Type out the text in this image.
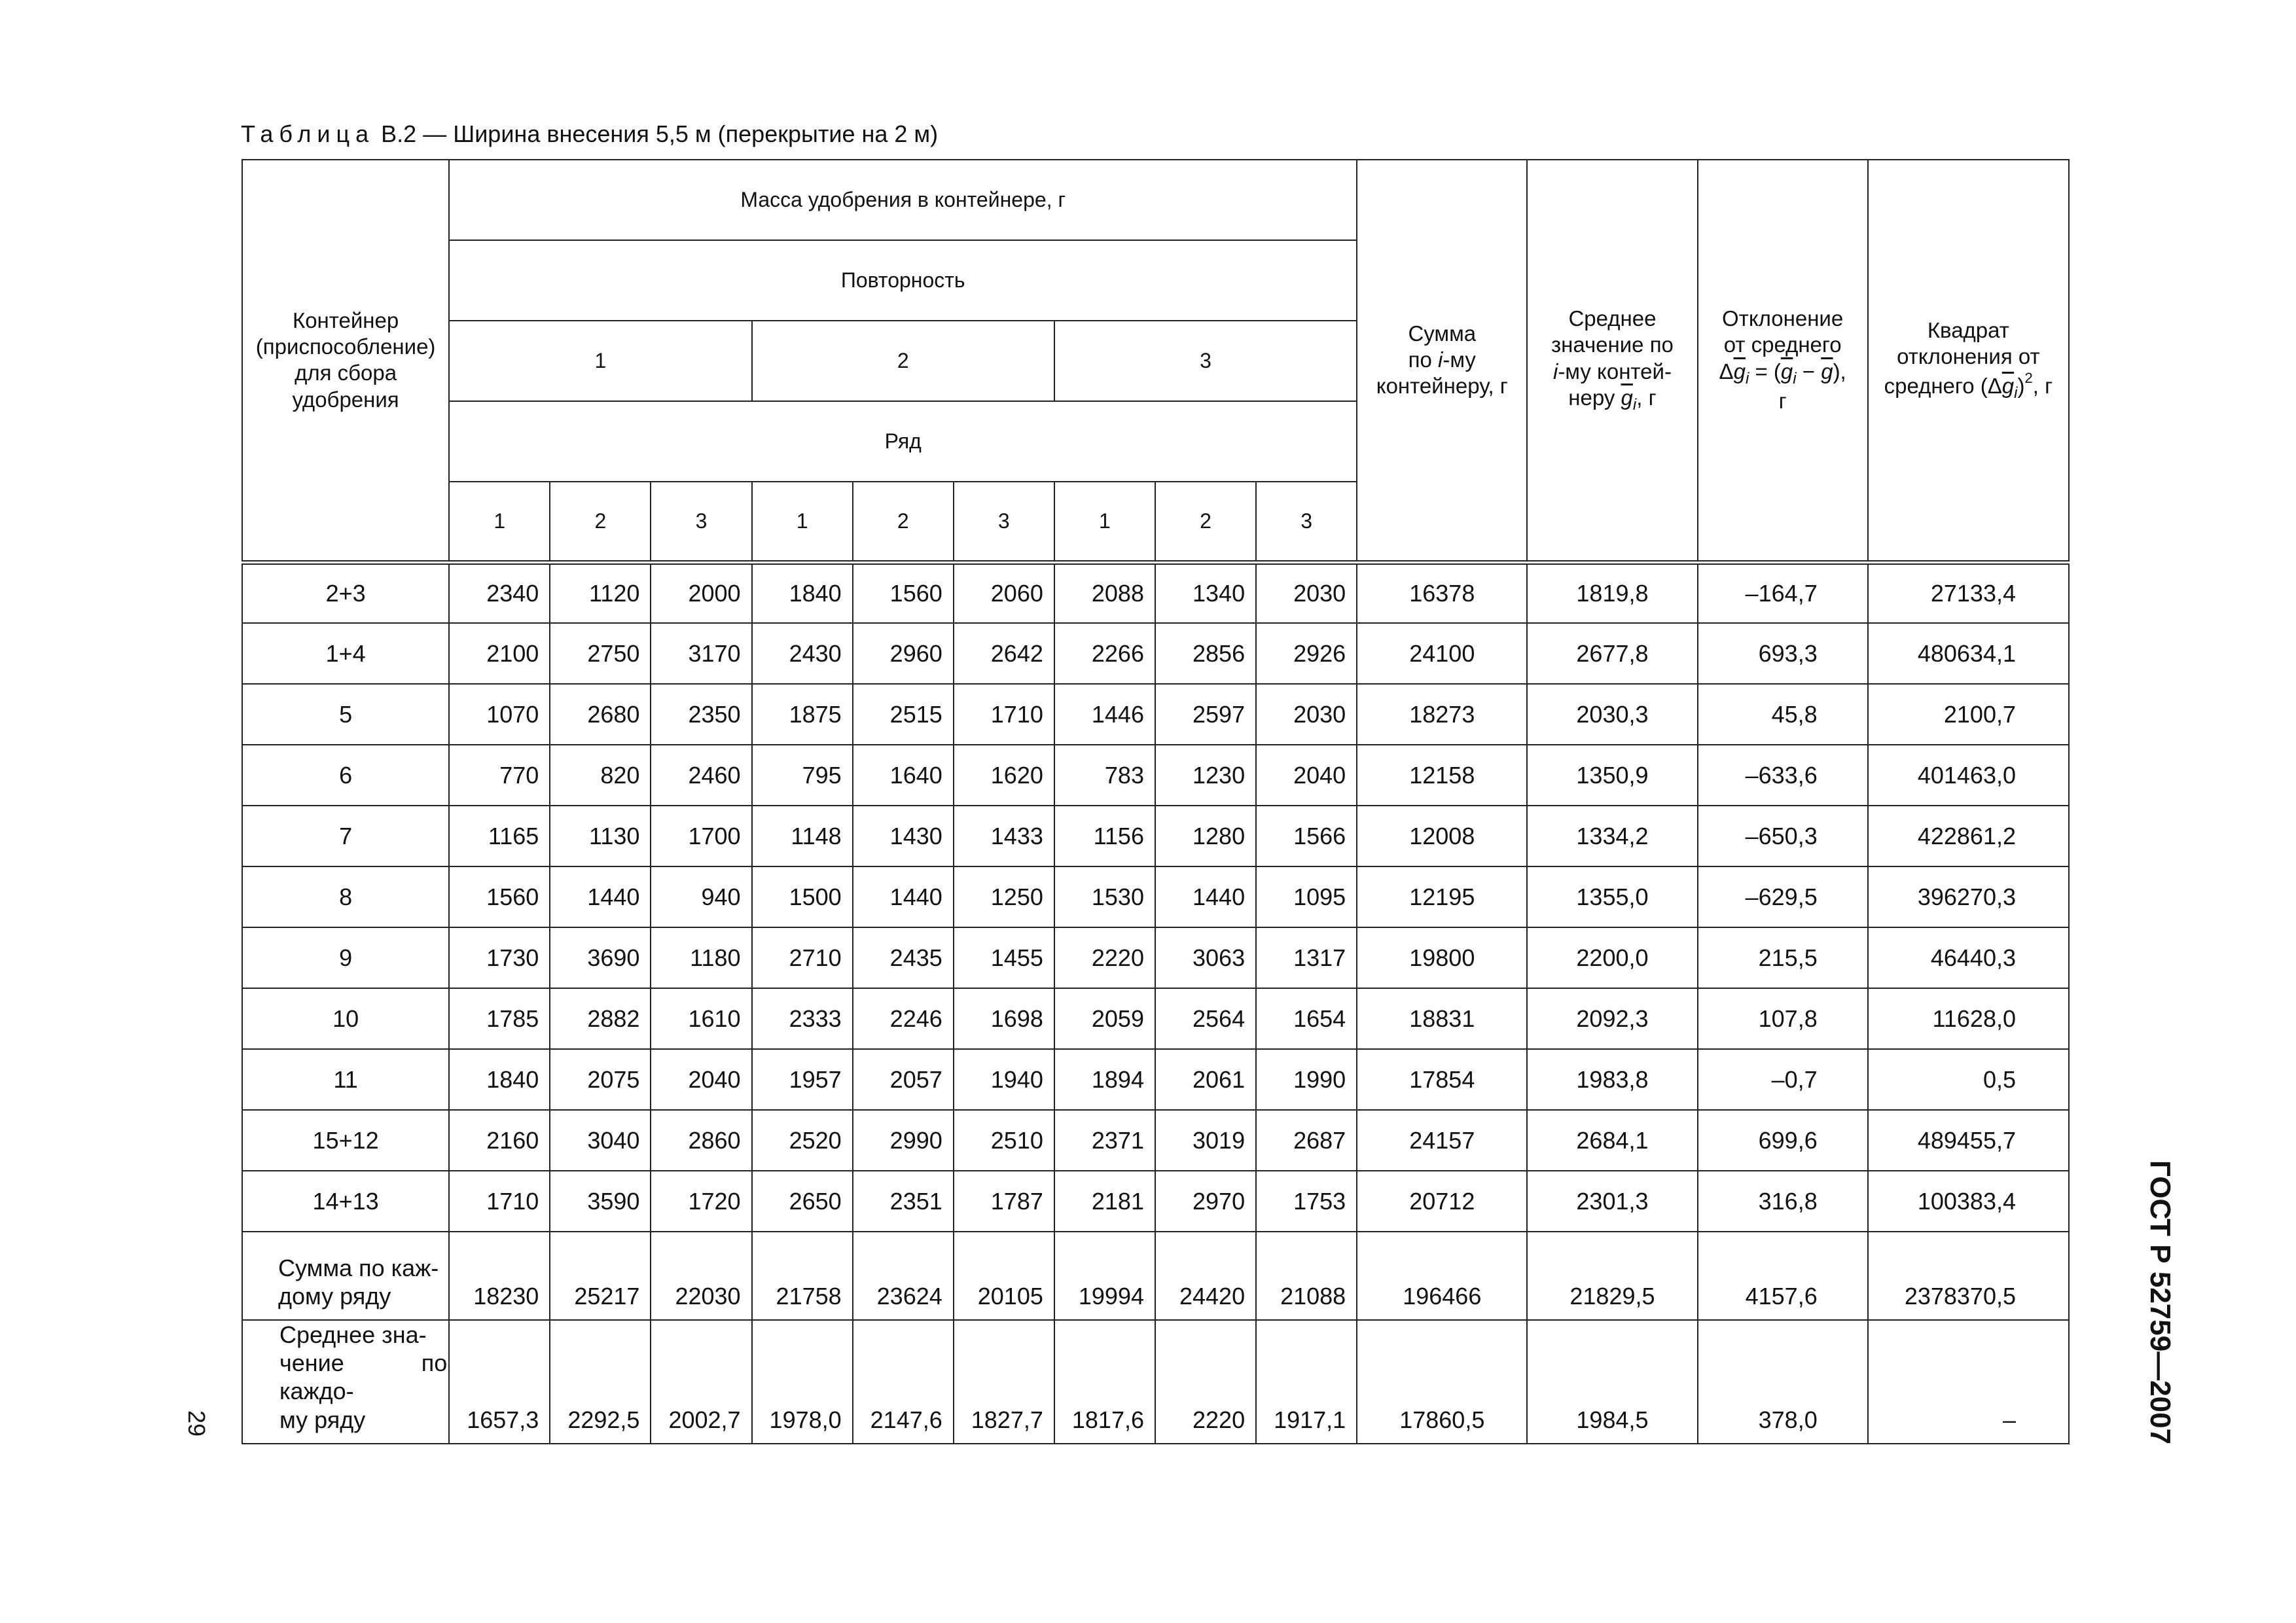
Таблица В.2 — Ширина внесения 5,5 м (перекрытие на 2 м)
Контейнер (приспособление) для сбора удобрения	Масса удобрения в контейнере, г									Сумма
по i-му
контейнеру, г	Среднее
значение по
i-му контей-
неру $\overline{g}_i$, г	Отклонение
от среднего
$\Delta\overline{g}_i = (\overline{g}_i - \overline{g})$,
г	Квадрат
отклонения от
среднего $(\Delta\overline{g}_i)^2$, г
	Повторность												
	1			2			3						
	Ряд												
	1	2	3	1	2	3	1	2	3				
2+3	2340	1120	2000	1840	1560	2060	2088	1340	2030	16378	1819,8	–164,7	27133,4
1+4	2100	2750	3170	2430	2960	2642	2266	2856	2926	24100	2677,8	693,3	480634,1
5	1070	2680	2350	1875	2515	1710	1446	2597	2030	18273	2030,3	45,8	2100,7
6	770	820	2460	795	1640	1620	783	1230	2040	12158	1350,9	–633,6	401463,0
7	1165	1130	1700	1148	1430	1433	1156	1280	1566	12008	1334,2	–650,3	422861,2
8	1560	1440	940	1500	1440	1250	1530	1440	1095	12195	1355,0	–629,5	396270,3
9	1730	3690	1180	2710	2435	1455	2220	3063	1317	19800	2200,0	215,5	46440,3
10	1785	2882	1610	2333	2246	1698	2059	2564	1654	18831	2092,3	107,8	11628,0
11	1840	2075	2040	1957	2057	1940	1894	2061	1990	17854	1983,8	–0,7	0,5
15+12	2160	3040	2860	2520	2990	2510	2371	3019	2687	24157	2684,1	699,6	489455,7
14+13	1710	3590	1720	2650	2351	1787	2181	2970	1753	20712	2301,3	316,8	100383,4
Сумма по каж-
дому ряду	18230	25217	22030	21758	23624	20105	19994	24420	21088	196466	21829,5	4157,6	2378370,5
Среднее зна-
чение по каждо-
му ряду	1657,3	2292,5	2002,7	1978,0	2147,6	1827,7	1817,6	2220	1917,1	17860,5	1984,5	378,0	–	ГОСТ Р 52759—2007
29
